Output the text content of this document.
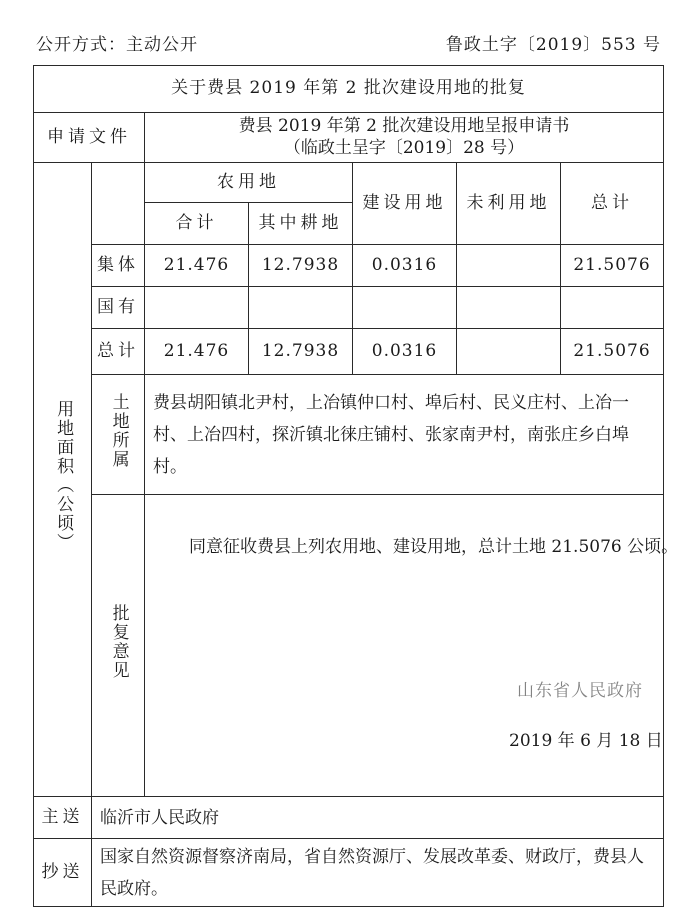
公开方式：主动公开	鲁政土字〔2019〕553 号
关于费县 2019 年第 2 批次建设用地的批复						
申请文件		费县 2019 年第 2 批次建设用地呈报申请书
（临政土呈字〔2019〕28 号）				

用地面积（公顷）		农用地		建设用地	未利用地	总计
		合计	其中耕地			
	集体	21.476	12.7938	0.0316		21.5076
	国有					
	总计	21.476	12.7938	0.0316		21.5076
	土地所属	费县胡阳镇北尹村，上冶镇仲口村、埠后村、民义庄村、上冶一村、上冶四村，探沂镇北徕庄铺村、张家南尹村，南张庄乡白埠村。				
	批复意见	同意征收费县上列农用地、建设用地，总计土地 21.5076 公顷。
山东省人民政府
2019 年 6 月 18 日				

主送	临沂市人民政府					
抄送	国家自然资源督察济南局，省自然资源厅、发展改革委、财政厅，费县人民政府。					
